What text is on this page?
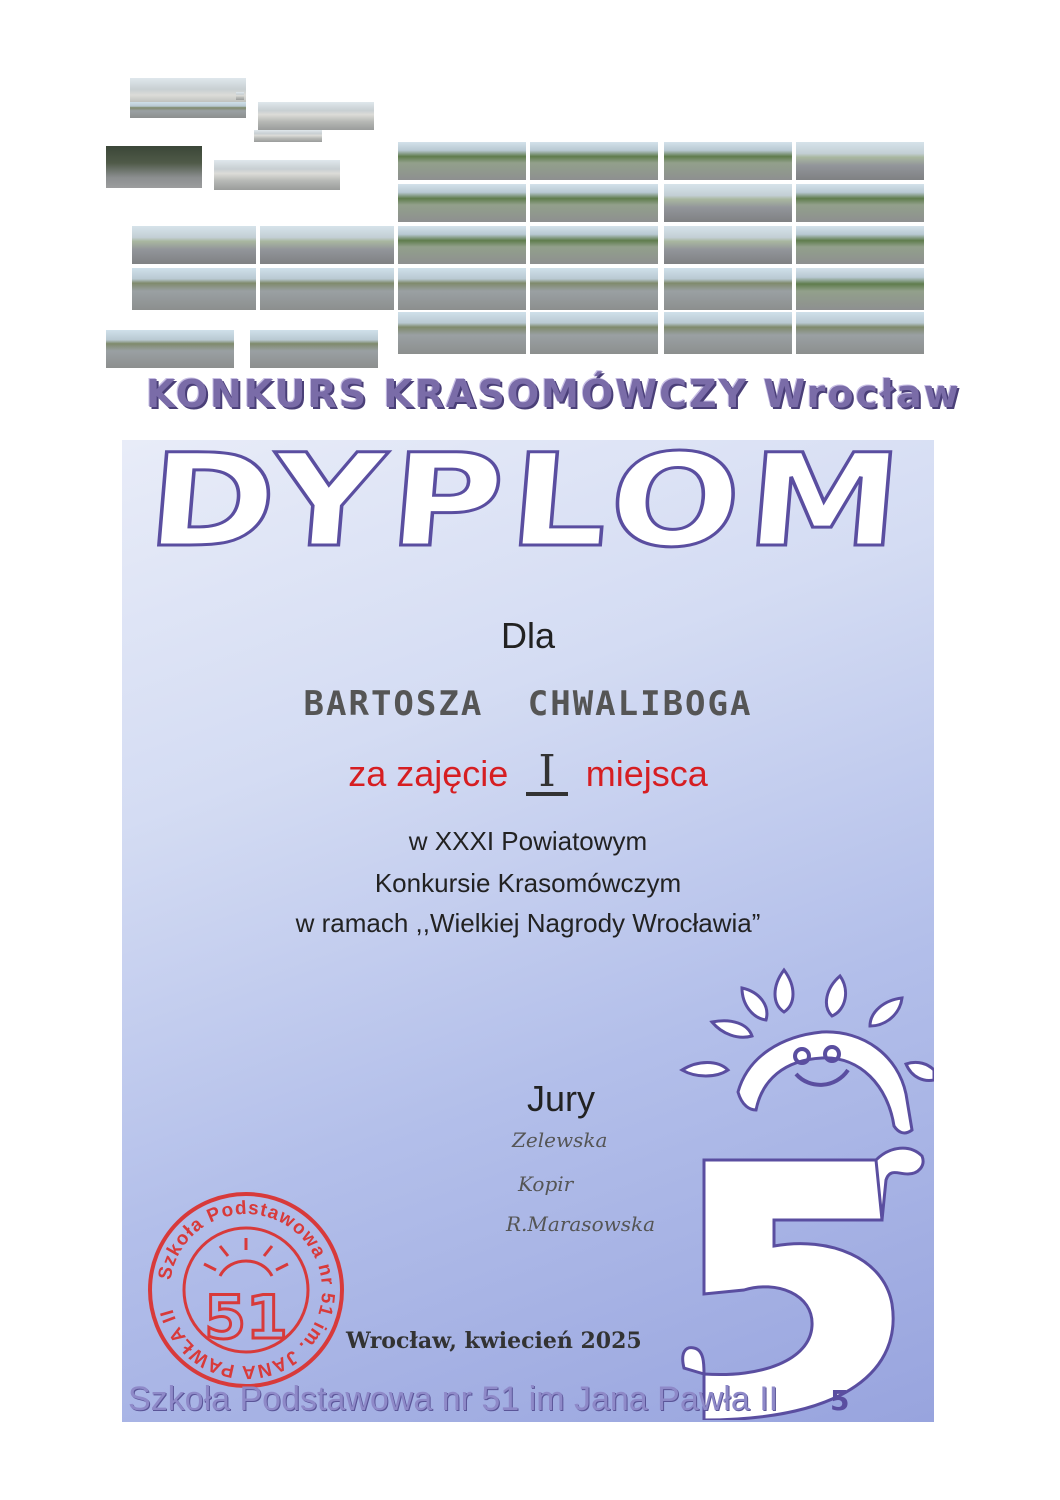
KONKURS KRASOMÓWCZY Wrocław
DYPLOM
Dla
BARTOSZA CHWALIBOGA
za zajęcie I miejsca
w XXXI Powiatowym
Konkursie Krasomówczym
w ramach ,,Wielkiej Nagrody Wrocławia”
5
Jury
Zelewska
Kopir
R.Marasowska
Szkoła Podstawowa nr 51 im. JANA PAWŁA II 51	Wrocław, kwiecień 2025
Szkoła Podstawowa nr 51 im Jana Pawła II
